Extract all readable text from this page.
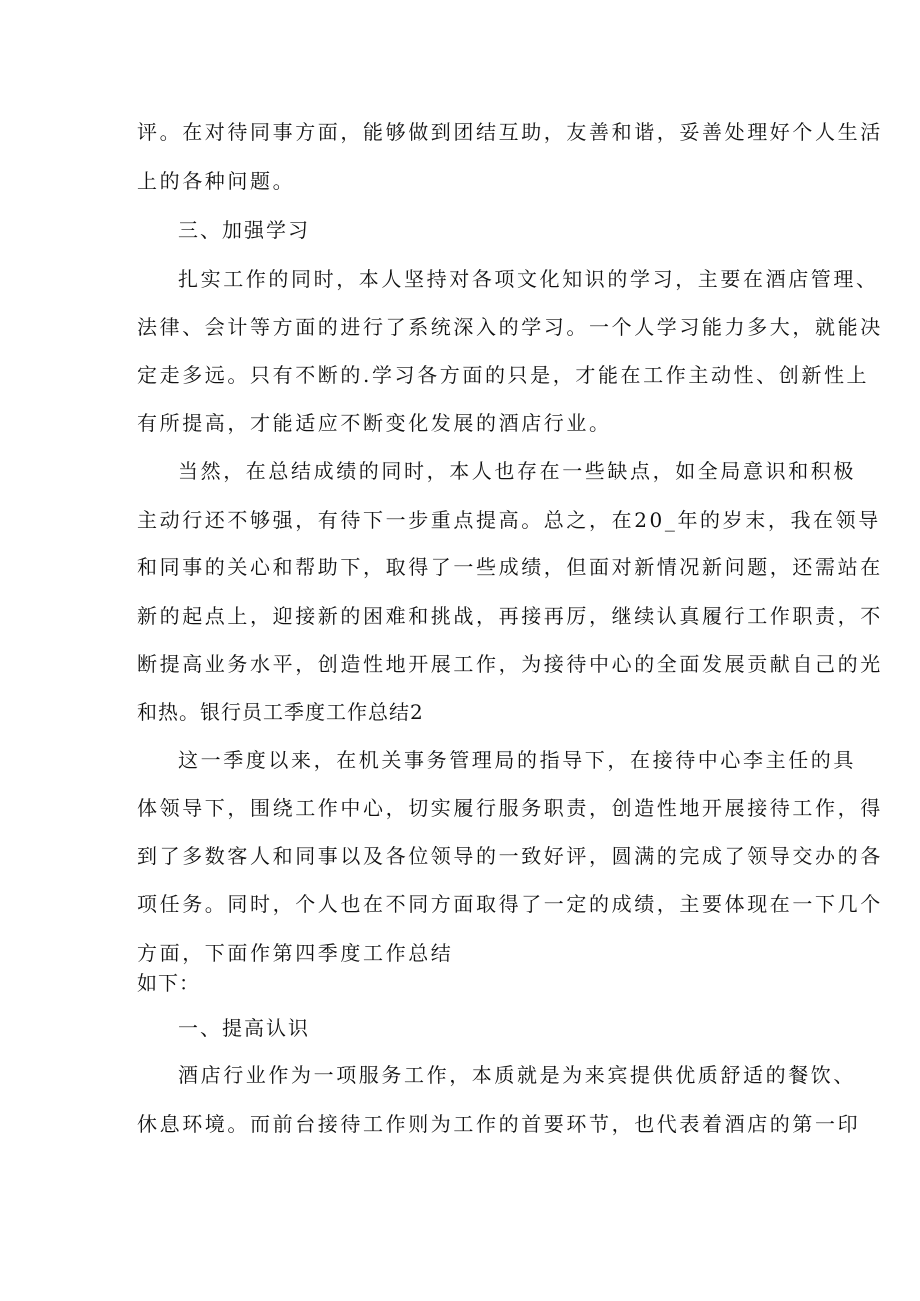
评。在对待同事方面，能够做到团结互助，友善和谐，妥善处理好个人生活
上的各种问题。
三、加强学习
扎实工作的同时，本人坚持对各项文化知识的学习，主要在酒店管理、
法律、会计等方面的进行了系统深入的学习。一个人学习能力多大，就能决
定走多远。只有不断的.学习各方面的只是，才能在工作主动性、创新性上
有所提高，才能适应不断变化发展的酒店行业。
当然，在总结成绩的同时，本人也存在一些缺点，如全局意识和积极
主动行还不够强，有待下一步重点提高。总之，在20_年的岁末，我在领导
和同事的关心和帮助下，取得了一些成绩，但面对新情况新问题，还需站在
新的起点上，迎接新的困难和挑战，再接再厉，继续认真履行工作职责，不
断提高业务水平，创造性地开展工作，为接待中心的全面发展贡献自己的光
和热。银行员工季度工作总结2
这一季度以来，在机关事务管理局的指导下，在接待中心李主任的具
体领导下，围绕工作中心，切实履行服务职责，创造性地开展接待工作，得
到了多数客人和同事以及各位领导的一致好评，圆满的完成了领导交办的各
项任务。同时，个人也在不同方面取得了一定的成绩，主要体现在一下几个
方面，下面作第四季度工作总结
如下：
一、提高认识
酒店行业作为一项服务工作，本质就是为来宾提供优质舒适的餐饮、
休息环境。而前台接待工作则为工作的首要环节，也代表着酒店的第一印
